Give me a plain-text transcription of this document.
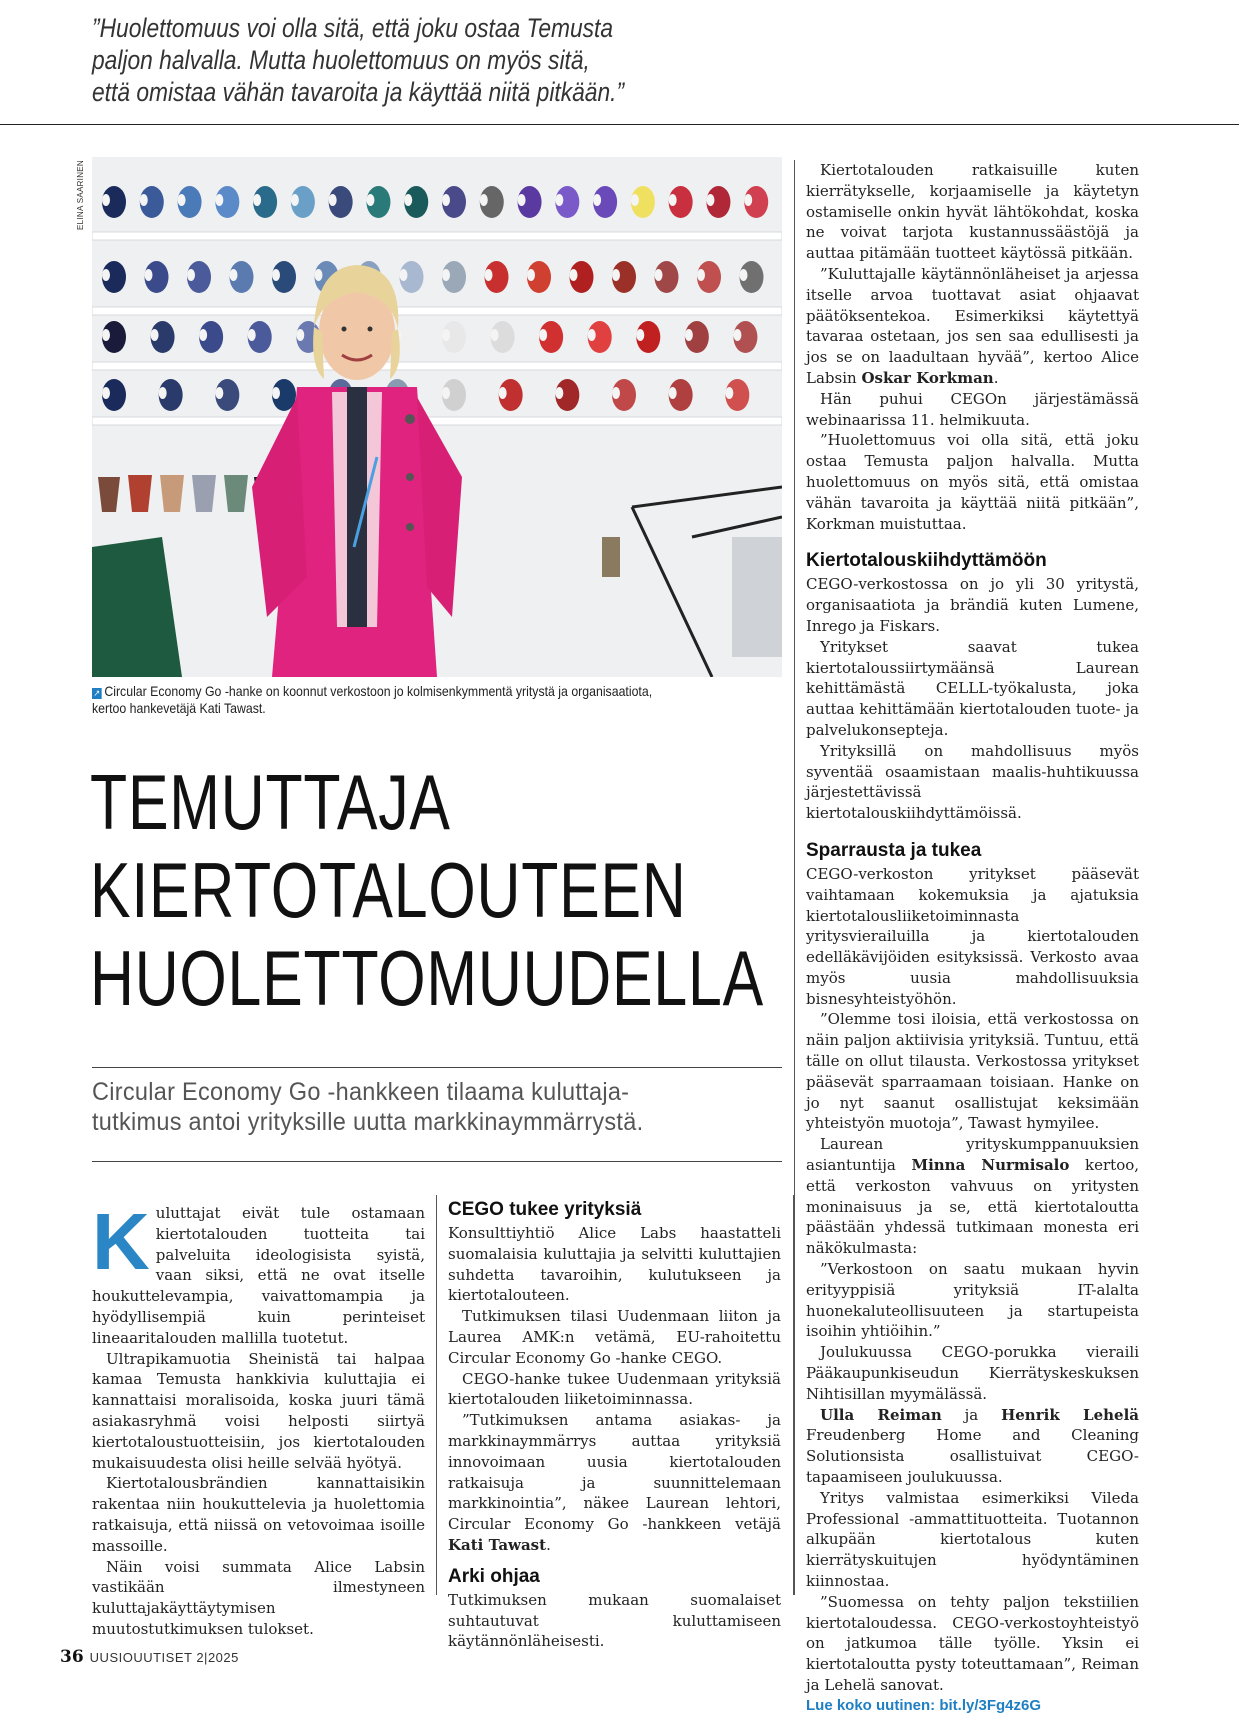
”Huolettomuus voi olla sitä, että joku ostaa Temusta

paljon halvalla. Mutta huolettomuus on myös sitä,

että omistaa vähän tavaroita ja käyttää niitä pitkään.”

ELINA SAARINEN

↗ Circular Economy Go -hanke on koonnut verkostoon jo kolmisenkymmentä yritystä ja organisaatiota,

kertoo hankevetäjä Kati Tawast.

TEMUTTAJA
KIERTOTALOUTEEN
HUOLETTOMUUDELLA

Circular Economy Go -hankkeen tilaama kuluttaja-

tutkimus antoi yrityksille uutta markkinaymmärrystä.

Kuluttajat eivät tule ostamaan kiertotalouden tuotteita tai palveluita ideologisista syistä, vaan siksi, että ne ovat itselle houkuttelevampia, vaivattomampia ja hyödyllisempiä kuin perinteiset lineaaritalouden mallilla tuotetut.

Ultrapikamuotia Sheinistä tai halpaa kamaa Temusta hankkivia kuluttajia ei kannattaisi moralisoida, koska juuri tämä asiakasryhmä voisi helposti siirtyä kiertotaloustuotteisiin, jos kiertotalouden mukaisuudesta olisi heille selvää hyötyä.

Kiertotalousbrändien kannattaisikin rakentaa niin houkuttelevia ja huolettomia ratkaisuja, että niissä on vetovoimaa isoille massoille.

Näin voisi summata Alice Labsin vastikään ilmestyneen kuluttajakäyttäytymisen muutostutkimuksen tulokset.

CEGO tukee yrityksiä

Konsulttiyhtiö Alice Labs haastatteli suomalaisia kuluttajia ja selvitti kuluttajien suhdetta tavaroihin, kulutukseen ja kiertotalouteen.

Tutkimuksen tilasi Uudenmaan liiton ja Laurea AMK:n vetämä, EU-rahoitettu Circular Economy Go -hanke CEGO.

CEGO-hanke tukee Uudenmaan yrityksiä kiertotalouden liiketoiminnassa.

”Tutkimuksen antama asiakas- ja markkinaymmärrys auttaa yrityksiä innovoimaan uusia kiertotalouden ratkaisuja ja suunnittelemaan markkinointia”, näkee Laurean lehtori, Circular Economy Go -hankkeen vetäjä Kati Tawast.

Arki ohjaa

Tutkimuksen mukaan suomalaiset suhtautuvat kuluttamiseen käytännönläheisesti.

Kiertotalouden ratkaisuille kuten kierrätykselle, korjaamiselle ja käytetyn ostamiselle onkin hyvät lähtökohdat, koska ne voivat tarjota kustannussäästöjä ja auttaa pitämään tuotteet käytössä pitkään.

”Kuluttajalle käytännönläheiset ja arjessa itselle arvoa tuottavat asiat ohjaavat päätöksentekoa. Esimerkiksi käytettyä tavaraa ostetaan, jos sen saa edullisesti ja jos se on laadultaan hyvää”, kertoo Alice Labsin Oskar Korkman.

Hän puhui CEGOn järjestämässä webinaarissa 11. helmikuuta.

”Huolettomuus voi olla sitä, että joku ostaa Temusta paljon halvalla. Mutta huolettomuus on myös sitä, että omistaa vähän tavaroita ja käyttää niitä pitkään”, Korkman muistuttaa.

Kiertotalouskiihdyttämöön

CEGO-verkostossa on jo yli 30 yritystä, organisaatiota ja brändiä kuten Lumene, Inrego ja Fiskars.

Yritykset saavat tukea kiertotaloussiirtymäänsä Laurean kehittämästä CELLL-työkalusta, joka auttaa kehittämään kiertotalouden tuote- ja palvelukonseptejа.

Yrityksillä on mahdollisuus myös syventää osaamistaan maalis-huhtikuussa järjestettävissä kiertotalouskiihdyttämöissä.

Sparrausta ja tukea

CEGO-verkoston yritykset pääsevät vaihtamaan kokemuksia ja ajatuksia kiertotalousliiketoiminnasta yritysvierailuilla ja kiertotalouden edelläkävijöiden esityksissä. Verkosto avaa myös uusia mahdollisuuksia bisnesyhteistyöhön.

”Olemme tosi iloisia, että verkostossa on näin paljon aktiivisia yrityksiä. Tuntuu, että tälle on ollut tilausta. Verkostossa yritykset pääsevät sparraamaan toisiaan. Hanke on jo nyt saanut osallistujat keksimään yhteistyön muotoja”, Tawast hymyilee.

Laurean yrityskumppanuuksien asiantuntija Minna Nurmisalo kertoo, että verkoston vahvuus on yritysten moninaisuus ja se, että kiertotaloutta päästään yhdessä tutkimaan monesta eri näkökulmasta:

”Verkostoon on saatu mukaan hyvin erityyppisiä yrityksiä IT-alalta huonekaluteollisuuteen ja startupeista isoihin yhtiöihin.”

Joulukuussa CEGO-porukka vieraili Pääkaupunkiseudun Kierrätyskeskuksen Nihtisillan myymälässä.

Ulla Reiman ja Henrik Lehelä Freudenberg Home and Cleaning Solutionsista osallistuivat CEGO-tapaamiseen joulukuussa.

Yritys valmistaa esimerkiksi Vileda Professional -ammattituotteita. Tuotannon alkupään kiertotalous kuten kierrätyskuitujen hyödyntäminen kiinnostaa.

”Suomessa on tehty paljon tekstiilien kiertotaloudessa. CEGO-verkostoyhteistyö on jatkumoa tälle työlle. Yksin ei kiertotaloutta pysty toteuttamaan”, Reiman ja Lehelä sanovat.

Lue koko uutinen: bit.ly/3Fg4z6G

36 UUSIOUUTISET 2|2025
